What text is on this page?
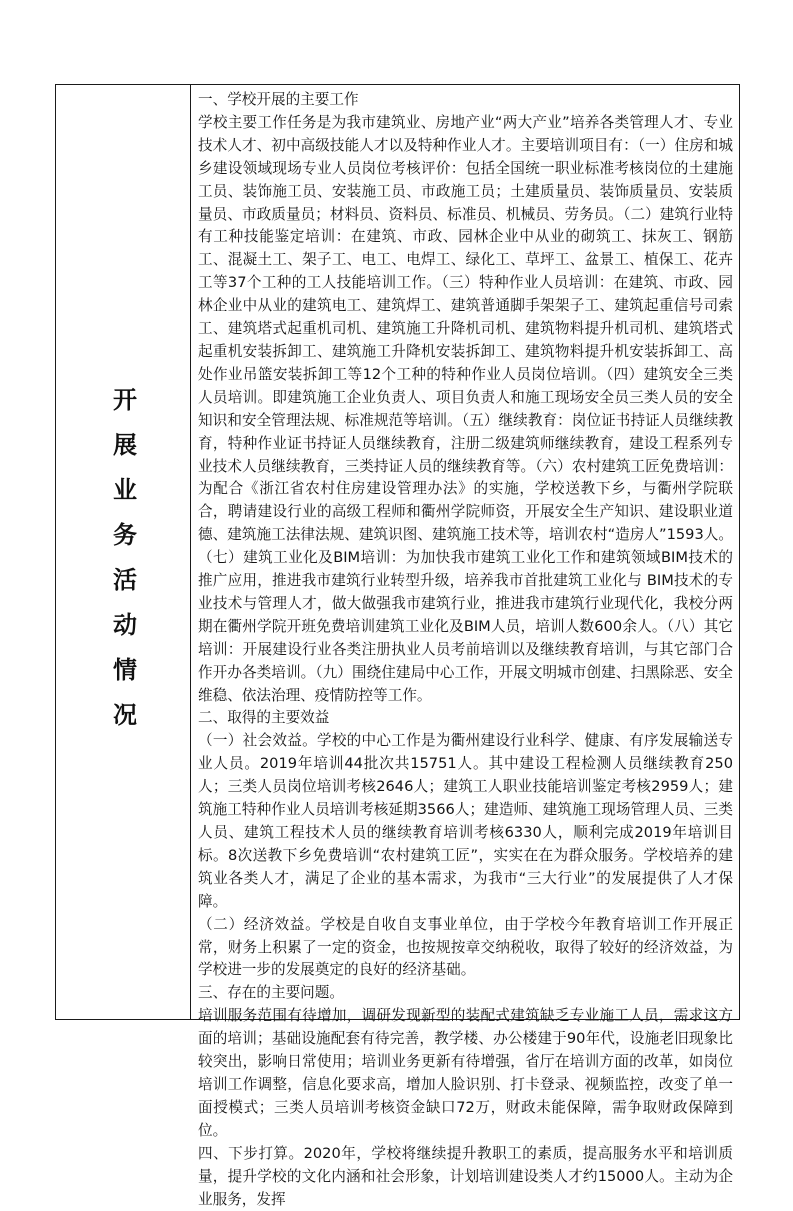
开展业务活动情况

一、学校开展的主要工作

学校主要工作任务是为我市建筑业、房地产业“两大产业”培养各类管理人才、专业技术人才、初中高级技能人才以及特种作业人才。主要培训项目有：（一）住房和城乡建设领域现场专业人员岗位考核评价：包括全国统一职业标准考核岗位的土建施工员、装饰施工员、安装施工员、市政施工员；土建质量员、装饰质量员、安装质量员、市政质量员；材料员、资料员、标准员、机械员、劳务员。（二）建筑行业特有工种技能鉴定培训：在建筑、市政、园林企业中从业的砌筑工、抹灰工、钢筋工、混凝土工、架子工、电工、电焊工、绿化工、草坪工、盆景工、植保工、花卉工等37个工种的工人技能培训工作。（三）特种作业人员培训：在建筑、市政、园林企业中从业的建筑电工、建筑焊工、建筑普通脚手架架子工、建筑起重信号司索工、建筑塔式起重机司机、建筑施工升降机司机、建筑物料提升机司机、建筑塔式起重机安装拆卸工、建筑施工升降机安装拆卸工、建筑物料提升机安装拆卸工、高处作业吊篮安装拆卸工等12个工种的特种作业人员岗位培训。（四）建筑安全三类人员培训。即建筑施工企业负责人、项目负责人和施工现场安全员三类人员的安全知识和安全管理法规、标准规范等培训。（五）继续教育：岗位证书持证人员继续教育，特种作业证书持证人员继续教育，注册二级建筑师继续教育，建设工程系列专业技术人员继续教育，三类持证人员的继续教育等。（六）农村建筑工匠免费培训：为配合《浙江省农村住房建设管理办法》的实施，学校送教下乡，与衢州学院联合，聘请建设行业的高级工程师和衢州学院师资，开展安全生产知识、建设职业道德、建筑施工法律法规、建筑识图、建筑施工技术等，培训农村“造房人”1593人。（七）建筑工业化及BIM培训：为加快我市建筑工业化工作和建筑领域BIM技术的推广应用，推进我市建筑行业转型升级，培养我市首批建筑工业化与 BIM技术的专业技术与管理人才，做大做强我市建筑行业，推进我市建筑行业现代化，我校分两期在衢州学院开班免费培训建筑工业化及BIM人员，培训人数600余人。（八）其它培训：开展建设行业各类注册执业人员考前培训以及继续教育培训，与其它部门合作开办各类培训。（九）围绕住建局中心工作，开展文明城市创建、扫黑除恶、安全维稳、依法治理、疫情防控等工作。

二、取得的主要效益

（一）社会效益。学校的中心工作是为衢州建设行业科学、健康、有序发展输送专业人员。2019年培训44批次共15751人。其中建设工程检测人员继续教育250人；三类人员岗位培训考核2646人；建筑工人职业技能培训鉴定考核2959人；建筑施工特种作业人员培训考核延期3566人；建造师、建筑施工现场管理人员、三类人员、建筑工程技术人员的继续教育培训考核6330人，顺利完成2019年培训目标。8次送教下乡免费培训“农村建筑工匠”，实实在在为群众服务。学校培养的建筑业各类人才，满足了企业的基本需求，为我市“三大行业”的发展提供了人才保障。

（二）经济效益。学校是自收自支事业单位，由于学校今年教育培训工作开展正常，财务上积累了一定的资金，也按规按章交纳税收，取得了较好的经济效益，为学校进一步的发展奠定的良好的经济基础。

三、存在的主要问题。

培训服务范围有待增加，调研发现新型的装配式建筑缺乏专业施工人员，需求这方面的培训；基础设施配套有待完善，教学楼、办公楼建于90年代，设施老旧现象比较突出，影响日常使用；培训业务更新有待增强，省厅在培训方面的改革，如岗位培训工作调整，信息化要求高，增加人脸识别、打卡登录、视频监控，改变了单一面授模式；三类人员培训考核资金缺口72万，财政未能保障，需争取财政保障到位。

四、下步打算。2020年，学校将继续提升教职工的素质，提高服务水平和培训质量，提升学校的文化内涵和社会形象，计划培训建设类人才约15000人。主动为企业服务，发挥
